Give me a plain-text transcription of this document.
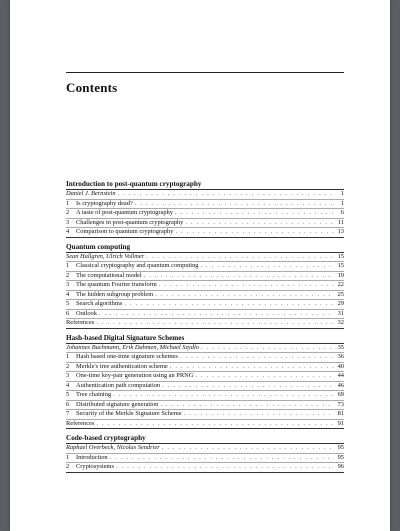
Contents
Introduction to post-quantum cryptography
Daniel J. Bernstein . . .	1
1	Is cryptography dead? . . .	1
2	A taste of post-quantum cryptography . . .	6
3	Challenges in post-quantum cryptography . . .	11
4	Comparison to quantum cryptography . . .	13
Quantum computing
Sean Hallgren, Ulrich Vollmer . . .	15
1	Classical cryptography and quantum computing . . .	15
2	The computational model . . .	19
3	The quantum Fourier transform . . .	22
4	The hidden subgroup problem . . .	25
5	Search algorithms . . .	29
6	Outlook . . .	31
References . . .	32
Hash-based Digital Signature Schemes
Johannes Buchmann, Erik Dahmen, Michael Szydlo . . .	35
1	Hash based one-time signature schemes . . .	36
2	Merkle's tree authentication scheme . . .	40
3	One-time key-pair generation using an PRNG . . .	44
4	Authentication path computation . . .	46
5	Tree chaining . . .	69
6	Distributed signature generation . . .	73
7	Security of the Merkle Signature Scheme . . .	81
References . . .	91
Code-based cryptography
Raphael Overbeck, Nicolas Sendrier . . .	95
1	Introduction . . .	95
2	Cryptosystems . . .	96
